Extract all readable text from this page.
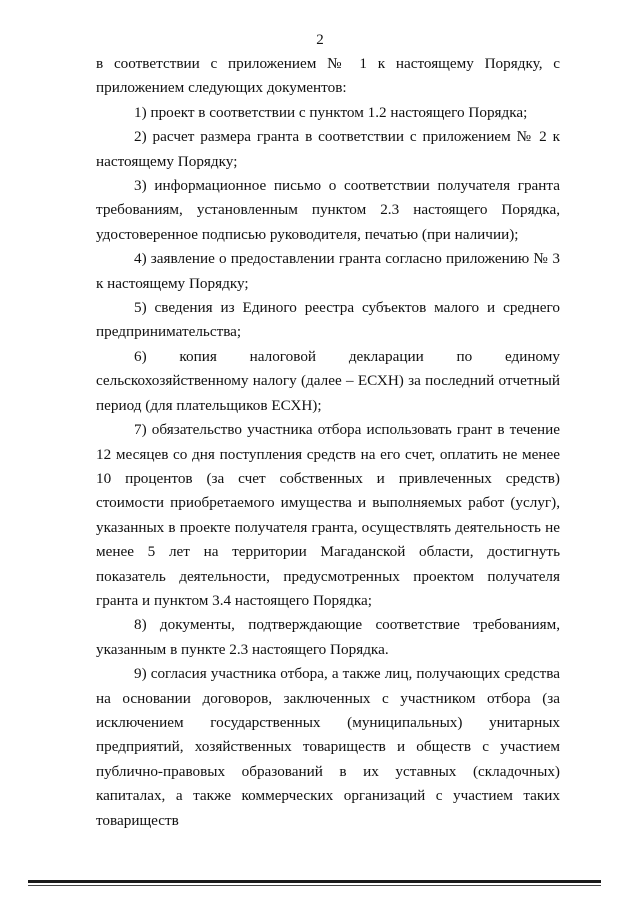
2

в соответствии с приложением № 1 к настоящему Порядку, с приложением следующих документов:

1) проект в соответствии с пунктом 1.2 настоящего Порядка;

2) расчет размера гранта в соответствии с приложением № 2 к настоящему Порядку;

3) информационное письмо о соответствии получателя гранта требованиям, установленным пунктом 2.3 настоящего Порядка, удостоверенное подписью руководителя, печатью (при наличии);

4) заявление о предоставлении гранта согласно приложению № 3 к настоящему Порядку;

5) сведения из Единого реестра субъектов малого и среднего предпринимательства;

6) копия налоговой декларации по единому сельскохозяйственному налогу (далее – ЕСХН) за последний отчетный период (для плательщиков ЕСХН);

7) обязательство участника отбора использовать грант в течение 12 месяцев со дня поступления средств на его счет, оплатить не менее 10 процентов (за счет собственных и привлеченных средств) стоимости приобретаемого имущества и выполняемых работ (услуг), указанных в проекте получателя гранта, осуществлять деятельность не менее 5 лет на территории Магаданской области, достигнуть показатель деятельности, предусмотренных проектом получателя гранта и пунктом 3.4 настоящего Порядка;

8) документы, подтверждающие соответствие требованиям, указанным в пункте 2.3 настоящего Порядка.

9) согласия участника отбора, а также лиц, получающих средства на основании договоров, заключенных с участником отбора (за исключением государственных (муниципальных) унитарных предприятий, хозяйственных товариществ и обществ с участием публично-правовых образований в их уставных (складочных) капиталах, а также коммерческих организаций с участием таких товариществ
